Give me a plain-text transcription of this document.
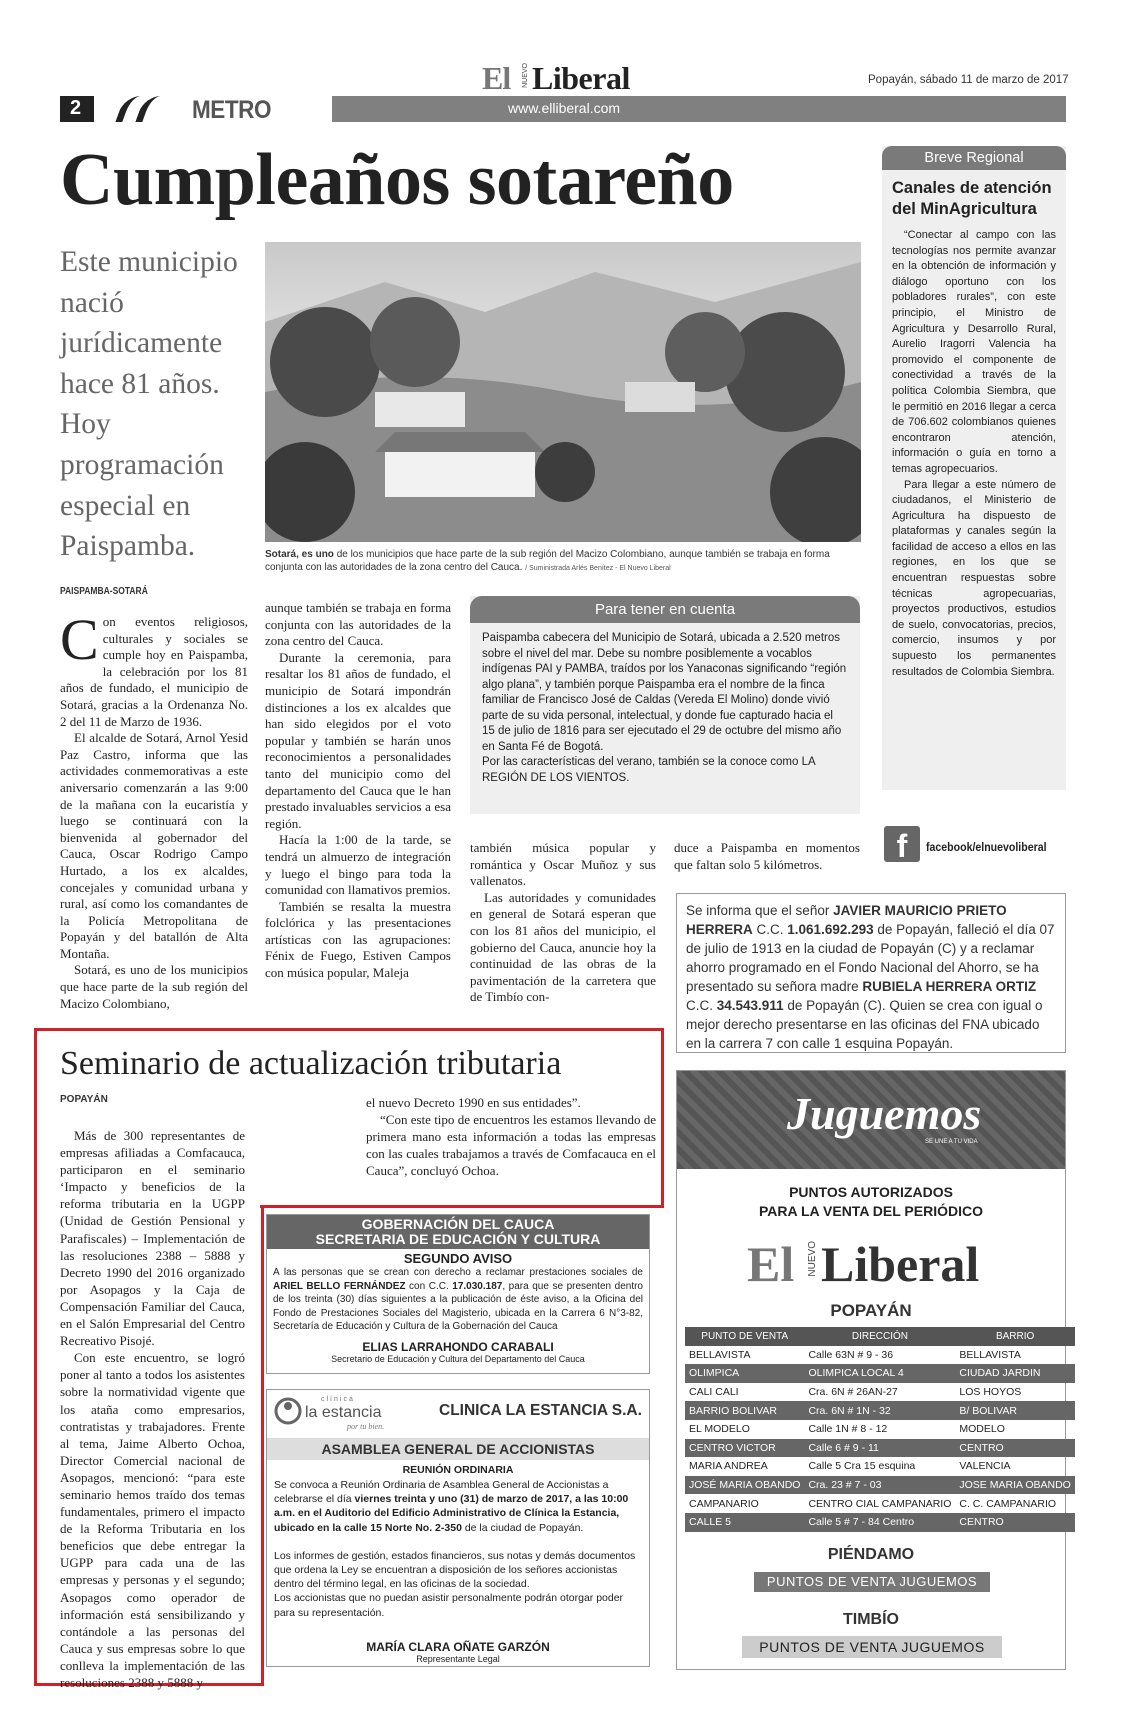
El NUEVO Liberal	Popayán, sábado 11 de marzo de 2017
2	METRO	www.elliberal.com
Cumpleaños sotareño
Este municipio nació jurídicamente hace 81 años. Hoy programación especial en Paispamba.	Sotará, es uno de los municipios que hace parte de la sub región del Macizo Colombiano, aunque también se trabaja en forma conjunta con las autoridades de la zona centro del Cauca. / Suministrada Arlés Benítez - El Nuevo Liberal
PAISPAMBA-SOTARÁ

Con eventos religiosos, culturales y sociales se cumple hoy en Paispamba, la celebración por los 81 años de fundado, el municipio de Sotará, gracias a la Ordenanza No. 2 del 11 de Marzo de 1936.

El alcalde de Sotará, Arnol Yesid Paz Castro, informa que las actividades conmemorativas a este aniversario comenzarán a las 9:00 de la mañana con la eucaristía y luego se continuará con la bienvenida al gobernador del Cauca, Oscar Rodrigo Campo Hurtado, a los ex alcaldes, concejales y comunidad urbana y rural, así como los comandantes de la Policía Metropolitana de Popayán y del batallón de Alta Montaña.

Sotará, es uno de los municipios que hace parte de la sub región del Macizo Colombiano,

aunque también se trabaja en forma conjunta con las autoridades de la zona centro del Cauca.

Durante la ceremonia, para resaltar los 81 años de fundado, el municipio de Sotará impondrán distinciones a los ex alcaldes que han sido elegidos por el voto popular y también se harán unos reconocimientos a personalidades tanto del municipio como del departamento del Cauca que le han prestado invaluables servicios a esa región.

Hacía la 1:00 de la tarde, se tendrá un almuerzo de integración y luego el bingo para toda la comunidad con llamativos premios.

También se resalta la muestra folclórica y las presentaciones artísticas con las agrupaciones: Fénix de Fuego, Estiven Campos con música popular, Maleja

Para tener en cuenta

Paispamba cabecera del Municipio de Sotará, ubicada a 2.520 metros sobre el nivel del mar. Debe su nombre posiblemente a vocablos indígenas PAI y PAMBA, traídos por los Yanaconas significando “región algo plana”, y también porque Paispamba era el nombre de la finca familiar de Francisco José de Caldas (Vereda El Molino) donde vivió parte de su vida personal, intelectual, y donde fue capturado hacia el 15 de julio de 1816 para ser ejecutado el 29 de octubre del mismo año en Santa Fé de Bogotá.

Por las características del verano, también se la conoce como LA REGIÓN DE LOS VIENTOS.

también música popular y romántica y Oscar Muñoz y sus vallenatos.

Las autoridades y comunidades en general de Sotará esperan que con los 81 años del municipio, el gobierno del Cauca, anuncie hoy la continuidad de las obras de la pavimentación de la carretera que de Timbío con-

duce a Paispamba en momentos que faltan solo 5 kilómetros.

Breve Regional
Canales de atención del MinAgricultura

“Conectar al campo con las tecnologías nos permite avanzar en la obtención de información y diálogo oportuno con los pobladores rurales”, con este principio, el Ministro de Agricultura y Desarrollo Rural, Aurelio Iragorri Valencia ha promovido el componente de conectividad a través de la política Colombia Siembra, que le permitió en 2016 llegar a cerca de 706.602 colombianos quienes encontraron atención, información o guía en torno a temas agropecuarios.

Para llegar a este número de ciudadanos, el Ministerio de Agricultura ha dispuesto de plataformas y canales según la facilidad de acceso a ellos en las regiones, en los que se encuentran respuestas sobre técnicas agropecuarias, proyectos productivos, estudios de suelo, convocatorias, precios, comercio, insumos y por supuesto los permanentes resultados de Colombia Siembra.

f	facebook/elnuevoliberal
Se informa que el señor JAVIER MAURICIO PRIETO HERRERA C.C. 1.061.692.293 de Popayán, falleció el día 07 de julio de 1913 en la ciudad de Popayán (C) y a reclamar ahorro programado en el Fondo Nacional del Ahorro, se ha presentado su señora madre RUBIELA HERRERA ORTIZ C.C. 34.543.911 de Popayán (C). Quien se crea con igual o mejor derecho presentarse en las oficinas del FNA ubicado en la carrera 7 con calle 1 esquina Popayán.
Seminario de actualización tributaria
POPAYÁN

Más de 300 representantes de empresas afiliadas a Comfacauca, participaron en el seminario ‘Impacto y beneficios de la reforma tributaria en la UGPP (Unidad de Gestión Pensional y Parafiscales) – Implementación de las resoluciones 2388 – 5888 y Decreto 1990 del 2016 organizado por Asopagos y la Caja de Compensación Familiar del Cauca, en el Salón Empresarial del Centro Recreativo Pisojé.

Con este encuentro, se logró poner al tanto a todos los asistentes sobre la normatividad vigente que los ataña como empresarios, contratistas y trabajadores. Frente al tema, Jaime Alberto Ochoa, Director Comercial nacional de Asopagos, mencionó: “para este seminario hemos traído dos temas fundamentales, primero el impacto de la Reforma Tributaria en los beneficios que debe entregar la UGPP para cada una de las empresas y personas y el segundo; Asopagos como operador de información está sensibilizando y contándole a las personas del Cauca y sus empresas sobre lo que conlleva la implementación de las resoluciones 2388 y 5888 y

el nuevo Decreto 1990 en sus entidades”.

“Con este tipo de encuentros les estamos llevando de primera mano esta información a todas las empresas con las cuales trabajamos a través de Comfacauca en el Cauca”, concluyó Ochoa.

GOBERNACIÓN DEL CAUCA
SECRETARIA DE EDUCACIÓN Y CULTURA
SEGUNDO AVISO
A las personas que se crean con derecho a reclamar prestaciones sociales de ARIEL BELLO FERNÁNDEZ con C.C. 17.030.187, para que se presenten dentro de los treinta (30) días siguientes a la publicación de éste aviso, a la Oficina del Fondo de Prestaciones Sociales del Magisterio, ubicada en la Carrera 6 N°3-82, Secretaría de Educación y Cultura de la Gobernación del Cauca
ELIAS LARRAHONDO CARABALI
Secretario de Educación y Cultura del Departamento del Cauca
clínica
la estancia
por tu bien.
CLINICA LA ESTANCIA S.A.
ASAMBLEA GENERAL DE ACCIONISTAS
REUNIÓN ORDINARIA

Se convoca a Reunión Ordinaria de Asamblea General de Accionistas a celebrarse el día viernes treinta y uno (31) de marzo de 2017, a las 10:00 a.m. en el Auditorio del Edificio Administrativo de Clínica la Estancia, ubicado en la calle 15 Norte No. 2-350 de la ciudad de Popayán.

Los informes de gestión, estados financieros, sus notas y demás documentos que ordena la Ley se encuentran a disposición de los señores accionistas dentro del término legal, en las oficinas de la sociedad.

Los accionistas que no puedan asistir personalmente podrán otorgar poder para su representación.

MARÍA CLARA OÑATE GARZÓN
Representante Legal
Juguemos
SE UNE A TU VIDA
PUNTOS AUTORIZADOS
PARA LA VENTA DEL PERIÓDICO
El NUEVO Liberal
POPAYÁN
PUNTO DE VENTA	DIRECCIÓN	BARRIO
BELLAVISTA	Calle 63N # 9 - 36	BELLAVISTA
OLIMPICA	OLIMPICA LOCAL 4	CIUDAD JARDIN
CALI CALI	Cra. 6N # 26AN-27	LOS HOYOS
BARRIO BOLIVAR	Cra. 6N # 1N - 32	B/ BOLIVAR
EL MODELO	Calle 1N # 8 - 12	MODELO
CENTRO VICTOR	Calle 6 # 9 - 11	CENTRO
MARIA ANDREA	Calle 5 Cra 15 esquina	VALENCIA
JOSÉ MARIA OBANDO	Cra. 23 # 7 - 03	JOSE MARIA OBANDO
CAMPANARIO	CENTRO CIAL CAMPANARIO	C. C. CAMPANARIO
CALLE 5	Calle 5 # 7 - 84 Centro	CENTRO
PIÉNDAMO
PUNTOS DE VENTA JUGUEMOS
TIMBÍO
PUNTOS DE VENTA JUGUEMOS
